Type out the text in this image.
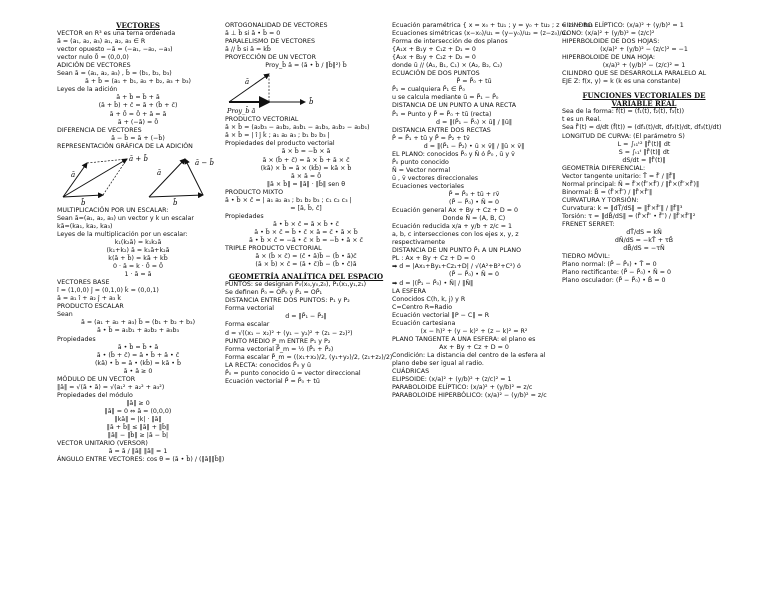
VECTORES
VECTOR en R³ es una terna ordenada
ā = (a₁, a₂, a₃) a₁, a₂, a₃ ∈ R
vector opuesto −ā = (−a₁, −a₂, −a₃)
vector nulo 0̄ = (0,0,0)
ADICIÓN DE VECTORES
Sean ā = (a₁, a₂, a₃) , b̄ = (b₁, b₂, b₃)
ā + b̄ = (a₁ + b₁, a₂ + b₂, a₃ + b₃)
Leyes de la adición
ā + b̄ = b̄ + ā
(ā + b̄) + c̄ = ā + (b̄ + c̄)
ā + 0̄ = 0̄ + ā = ā
ā + (−ā) = 0̄
DIFERENCIA DE VECTORES
ā − b̄ = ā + (−b̄)
REPRESENTACIÓN GRÁFICA DE LA ADICIÓN
ā + b̄
ā
b̄
ā − b̄
ā
b̄
MULTIPLICACIÓN POR UN ESCALAR:
Sean ā=(a₁, a₂, a₃) un vector y k un escalar
kā=(ka₁, ka₂, ka₃)
Leyes de la multiplicación por un escalar:
k₁(k₂ā) = k₁k₂ā
(k₁+k₂) ā = k₁ā+k₂ā
k(ā + b̄) = kā + kb̄
0 · ā = k · 0̄ = 0̄
1 · ā = ā
VECTORES BASE
î = (1,0,0) ĵ = (0,1,0) k̂ = (0,0,1)
ā = a₁ î + a₂ ĵ + a₃ k̂
PRODUCTO ESCALAR
Sean
ā = (a₁ + a₂ + a₃) b̄ = (b₁ + b₂ + b₃)
ā • b̄ = a₁b₁ + a₂b₂ + a₃b₃
Propiedades
ā • b̄ = b̄ • ā
ā • (b̄ + c̄) = ā • b̄ + ā • c̄
(kā) • b̄ = ā • (kb̄) = kā • b̄
ā • ā ≥ 0
MÓDULO DE UN VECTOR
‖ā‖ = √(ā • ā) = √(a₁² + a₂² + a₃²)
Propiedades del módulo
‖ā‖ ≥ 0
‖ā‖ = 0 ⇔ ā = (0,0,0)
‖kā‖ = |k| · ‖ā‖
‖ā + b̄‖ ≤ ‖ā‖ + ‖b̄‖
‖ā‖ − ‖b̄‖ ≥ |ā − b̄|
VECTOR UNITARIO (VERSOR)
ā = ā / ‖ā‖ ‖ā‖ = 1
ÁNGULO ENTRE VECTORES: cos θ = (ā • b̄) / (‖ā‖‖b̄‖)
ORTOGONALIDAD DE VECTORES
ā ⊥ b̄ si ā • b̄ = 0
PARALELISMO DE VECTORES
ā // b̄ si ā = kb̄
PROYECCIÓN DE UN VECTOR
Proy_b̄ ā = (ā • b̄ / ‖b̄‖²) b̄
ā
b̄
Proy_b̄ ā
PRODUCTO VECTORIAL
ā × b̄ = (a₂b₃ − a₃b₂, a₃b₁ − a₁b₃, a₁b₂ − a₂b₁)
ā × b̄ = | î ĵ k̂ ; a₁ a₂ a₃ ; b₁ b₂ b₃ |
Propiedades del producto vectorial
ā × b̄ = −b̄ × ā
ā × (b̄ + c̄) = ā × b̄ + ā × c̄
(kā) × b̄ = ā × (kb̄) = kā × b̄
ā × ā = 0̄
‖ā × b̄‖ = ‖ā‖ · ‖b̄‖ sen θ
PRODUCTO MIXTO
ā • b̄ × c̄ = | a₁ a₂ a₃ ; b₁ b₂ b₃ ; c₁ c₂ c₃ |
= [ā, b̄, c̄]
Propiedades
ā • b̄ × c̄ = ā × b̄ • c̄
ā • b̄ × c̄ = b̄ • c̄ × ā = c̄ • ā × b̄
ā • b̄ × c̄ = −ā • c̄ × b̄ = −b̄ • ā × c̄
TRIPLE PRODUCTO VECTORIAL
ā × (b̄ × c̄) = (c̄ • ā)b̄ − (b̄ • ā)c̄
(ā × b̄) × c̄ = (ā • c̄)b̄ − (b̄ • c̄)ā
GEOMETRÍA ANALÍTICA DEL ESPACIO
PUNTOS: se designan P₀(x₀,y₀,z₀), P₁(x₁,y₁,z₁)
Se definen P̄₀ = OP̄₀ y P̄₁ = OP̄₁
DISTANCIA ENTRE DOS PUNTOS: P₁ y P₂
Forma vectorial
d = ‖P̄₁ − P̄₂‖
Forma escalar
d = √((x₁ − x₂)² + (y₁ − y₂)² + (z₁ − z₂)²)
PUNTO MEDIO P_m ENTRE P₁ y P₂
Forma vectorial P̄_m = ½ (P̄₁ + P̄₂)
Forma escalar P̄_m = ((x₁+x₂)/2, (y₁+y₂)/2, (z₁+z₂)/2)
LA RECTA: conocidos P̄₀ y ū
P̄₀ = punto conocido ū = vector direccional
Ecuación vectorial P̄ = P̄₀ + tū
Ecuación paramétrica { x = x₀ + tu₁ ; y = y₀ + tu₂ ; z = z₀ + tu₃
Ecuaciones simétricas (x−x₀)/u₁ = (y−y₀)/u₂ = (z−z₀)/u₃
Forma de intersección de dos planos
{A₁x + B₁y + C₁z + D₁ = 0
{A₂x + B₂y + C₂z + D₂ = 0
donde ū // (A₁, B₁, C₁) × (A₂, B₂, C₂)
ECUACIÓN DE DOS PUNTOS
P̄ = P̄₀ + tū
P̄₁ = cualquiera P̄₁ ∈ P̄₀
u se calcula mediante ū = P̄₁ − P̄₀
DISTANCIA DE UN PUNTO A UNA RECTA
P̄₁ = Punto y P̄ = P̄₀ + tū (recta)
d = ‖(P̄₁ − P̄₀) × ū‖ / ‖ū‖
DISTANCIA ENTRE DOS RECTAS
P̄ = P̄₁ + tū y P̄ = P̄₂ + tv̄
d = ‖(P̄₁ − P̄₂) • ū × v̄‖ / ‖ū × v̄‖
EL PLANO: conocidos P̄₀ y N̄ ó P̄₀ , ū y v̄
P̄₀ punto conocido
N̄ = Vector normal
ū , v̄ vectores direccionales
Ecuaciones vectoriales
P̄ = P̄₀ + tū + rv̄
(P̄ − P̄₀) • N̄ = 0
Ecuación general Ax + By + Cz + D = 0
Donde N̄ = (A, B, C)
Ecuación reducida x/a + y/b + z/c = 1
a, b, c intersecciones con los ejes x, y, z
respectivamente
DISTANCIA DE UN PUNTO P̄₁ A UN PLANO
PL : Ax + By + Cz + D = 0
➡ d = |Ax₁+By₁+Cz₁+D| / √(A²+B²+C²) ó
(P̄ − P̄₀) • N̄ = 0
➡ d = |(P̄₁ − P̄₀) • N̄| / ‖N̄‖
LA ESFERA
Conocidos C(h, k, j) y R
C=Centro R=Radio
Ecuación vectorial ‖P − C‖ = R
Ecuación cartesiana
(x − h)² + (y − k)² + (z − k)² = R²
PLANO TANGENTE A UNA ESFERA: el plano es
Ax + By + Cz + D = 0
Condición: La distancia del centro de la esfera al
plano debe ser igual al radio.
CUÁDRICAS
ELIPSOIDE: (x/a)² + (y/b)² + (z/c)² = 1
PARABOLOIDE ELÍPTICO: (x/a)² + (y/b)² = z/c
PARABOLOIDE HIPERBÓLICO: (x/a)² − (y/b)² = z/c
CILINDRO ELÍPTICO: (x/a)² + (y/b)² = 1
CONO: (x/a)² + (y/b)² = (z/c)²
HIPERBOLOIDE DE DOS HOJAS:
(x/a)² + (y/b)² − (z/c)² = −1
HIPERBOLOIDE DE UNA HOJA:
(x/a)² + (y/b)² − (z/c)² = 1
CILINDRO QUE SE DESARROLLA PARALELO AL
EJE Z: f(x, y) = k (k es una constante)
FUNCIONES VECTORIALES DE VARIABLE REAL
Sea de la forma: f(t) = (f₁(t), f₂(t), f₃(t))
t es un Real.
Sea f̄′(t) = d/dt (f̄(t)) = (df₁(t)/dt, df₂(t)/dt, df₃(t)/dt)
LONGITUD DE CURVA: (El parámetro S)
L = ∫ₜ₁ᵗ² ‖f̄′(t)‖ dt
S = ∫ₜ₁ᵗ ‖f̄′(t)‖ dt
dS/dt = ‖f̄′(t)‖
GEOMETRÍA DIFERENCIAL:
Vector tangente unitario: T̄ = f̄′ / ‖f̄′‖
Normal principal: N̄ = f̄′×(f̄″×f̄′) / ‖f̄′×(f̄″×f̄′)‖
Binormal: B̄ = (f̄′×f̄″) / ‖f̄′×f̄″‖
CURVATURA Y TORSIÓN:
Curvatura: k = ‖dT̄/dS‖ = ‖f̄′×f̄″‖ / ‖f̄′‖³
Torsión: τ = ‖dB̄/dS‖ = (f̄′×f̄″ • f̄‴) / ‖f̄′×f̄″‖²
FRENET SERRET:
dT̄/dS = kN̄
dN̄/dS = −kT̄ + τB̄
dB̄/dS = −τN̄
TIEDRO MÓVIL:
Plano normal: (P̄ − P̄₀) • T̄ = 0
Plano rectificante: (P̄ − P̄₀) • N̄ = 0
Plano osculador: (P̄ − P̄₀) • B̄ = 0
